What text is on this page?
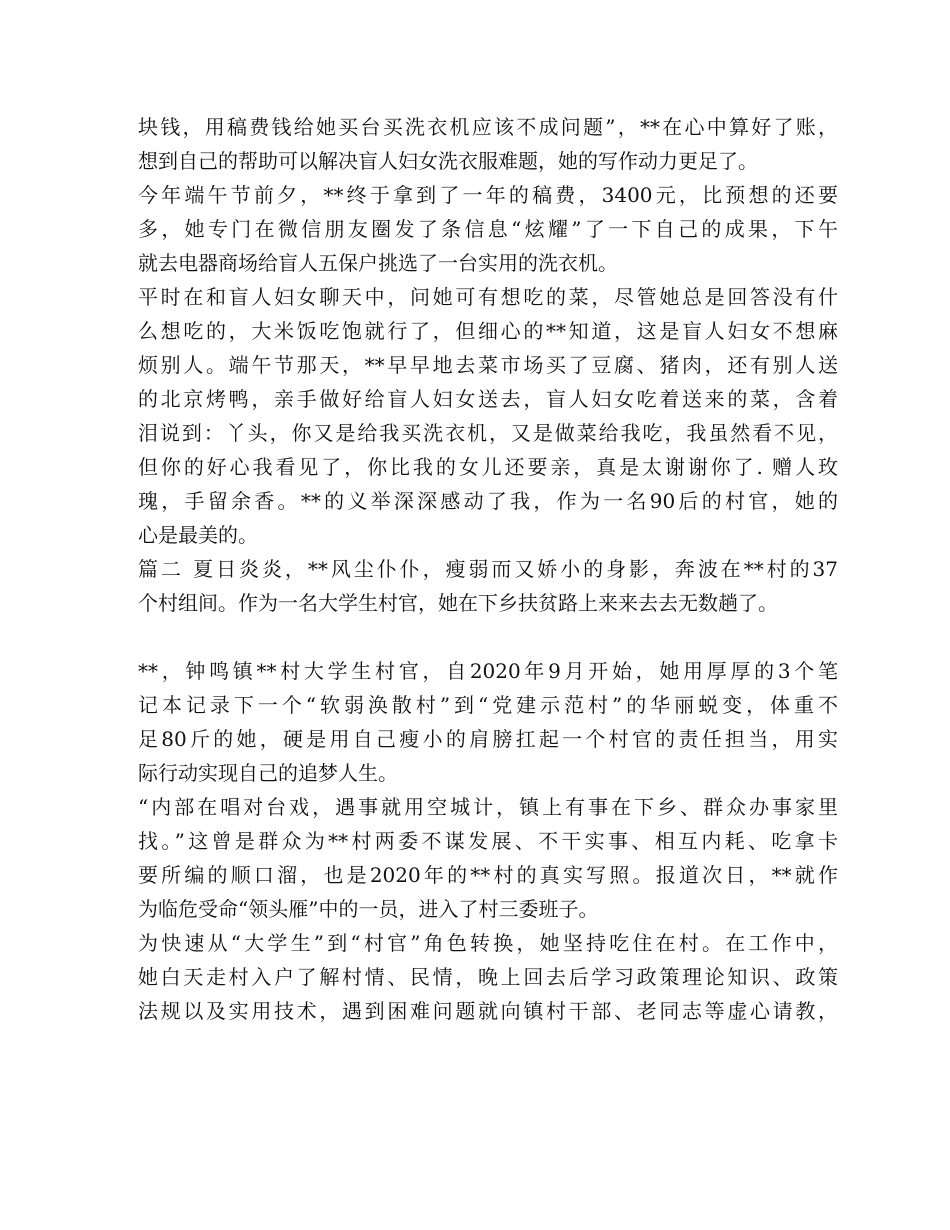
块钱，用稿费钱给她买台买洗衣机应该不成问题”，**在心中算好了账，
想到自己的帮助可以解决盲人妇女洗衣服难题，她的写作动力更足了。
今年端午节前夕，**终于拿到了一年的稿费，3400元，比预想的还要
多，她专门在微信朋友圈发了条信息“炫耀”了一下自己的成果，下午
就去电器商场给盲人五保户挑选了一台实用的洗衣机。
平时在和盲人妇女聊天中，问她可有想吃的菜，尽管她总是回答没有什
么想吃的，大米饭吃饱就行了，但细心的**知道，这是盲人妇女不想麻
烦别人。端午节那天，**早早地去菜市场买了豆腐、猪肉，还有别人送
的北京烤鸭，亲手做好给盲人妇女送去，盲人妇女吃着送来的菜，含着
泪说到：丫头，你又是给我买洗衣机，又是做菜给我吃，我虽然看不见，
但你的好心我看见了，你比我的女儿还要亲，真是太谢谢你了. 赠人玫
瑰，手留余香。**的义举深深感动了我，作为一名90后的村官，她的
心是最美的。
篇二 夏日炎炎，**风尘仆仆，瘦弱而又娇小的身影，奔波在**村的37
个村组间。作为一名大学生村官，她在下乡扶贫路上来来去去无数趟了。
**，钟鸣镇**村大学生村官，自2020年9月开始，她用厚厚的3个笔
记本记录下一个“软弱涣散村”到“党建示范村”的华丽蜕变，体重不
足80斤的她，硬是用自己瘦小的肩膀扛起一个村官的责任担当，用实
际行动实现自己的追梦人生。
“内部在唱对台戏，遇事就用空城计，镇上有事在下乡、群众办事家里
找。”这曾是群众为**村两委不谋发展、不干实事、相互内耗、吃拿卡
要所编的顺口溜，也是2020年的**村的真实写照。报道次日，**就作
为临危受命“领头雁”中的一员，进入了村三委班子。
为快速从“大学生”到“村官”角色转换，她坚持吃住在村。在工作中，
她白天走村入户了解村情、民情，晚上回去后学习政策理论知识、政策
法规以及实用技术，遇到困难问题就向镇村干部、老同志等虚心请教，
